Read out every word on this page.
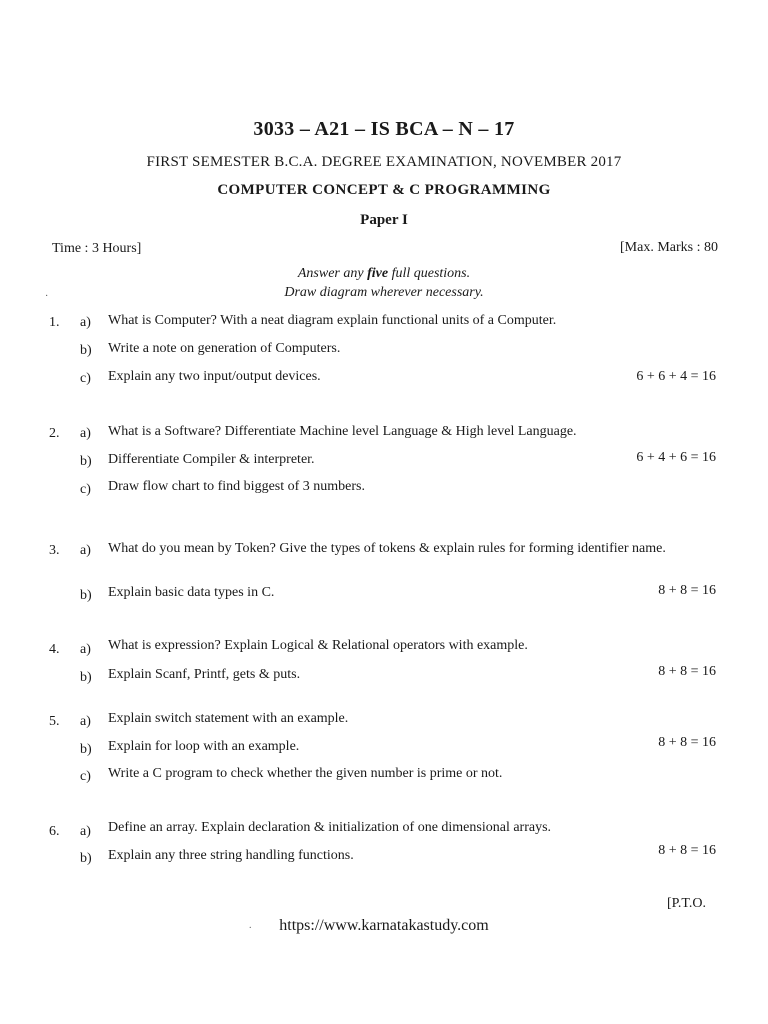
3033 – A21 – IS BCA – N – 17
FIRST SEMESTER B.C.A. DEGREE EXAMINATION, NOVEMBER 2017
COMPUTER CONCEPT & C PROGRAMMING
Paper I
Time : 3 Hours]	[Max. Marks : 80
Answer any five full questions.
Draw diagram wherever necessary.
·
1. a) What is Computer? With a neat diagram explain functional units of a Computer.
b) Write a note on generation of Computers.
c) Explain any two input/output devices.	6 + 6 + 4 = 16
2. a) What is a Software? Differentiate Machine level Language & High level Language.
b) Differentiate Compiler & interpreter.	6 + 4 + 6 = 16
c) Draw flow chart to find biggest of 3 numbers.
3. a) What do you mean by Token? Give the types of tokens & explain rules for forming identifier name.
b) Explain basic data types in C.	8 + 8 = 16
4. a) What is expression? Explain Logical & Relational operators with example.
b) Explain Scanf, Printf, gets & puts.	8 + 8 = 16
5. a) Explain switch statement with an example.
b) Explain for loop with an example.	8 + 8 = 16
c) Write a C program to check whether the given number is prime or not.
6. a) Define an array. Explain declaration & initialization of one dimensional arrays.
b) Explain any three string handling functions.	8 + 8 = 16
[P.T.O.
.	https://www.karnatakastudy.com
